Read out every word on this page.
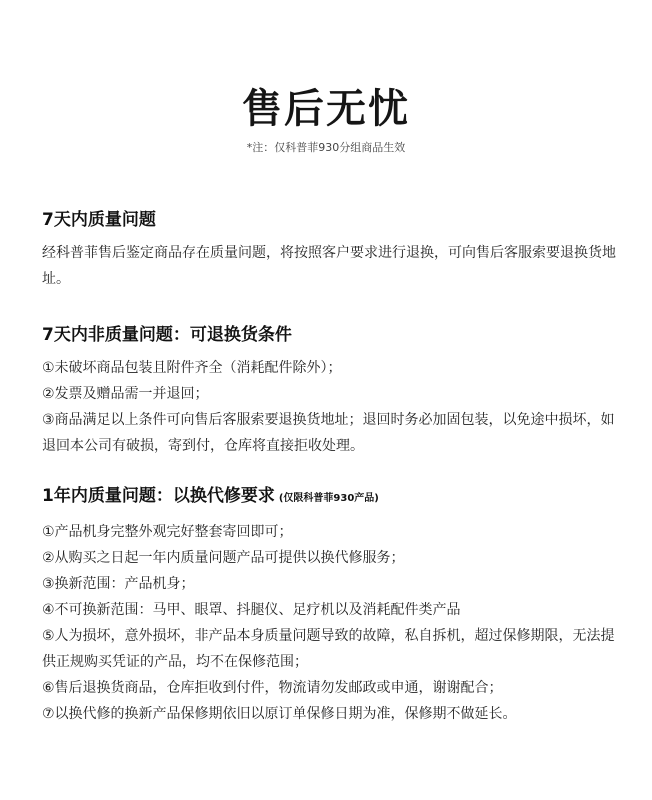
售后无忧
*注：仅科普菲930分组商品生效
7天内质量问题

经科普菲售后鉴定商品存在质量问题，将按照客户要求进行退换，可向售后客服索要退换货地址。

7天内非质量问题：可退换货条件

①未破坏商品包装且附件齐全（消耗配件除外）；

②发票及赠品需一并退回；

③商品满足以上条件可向售后客服索要退换货地址；退回时务必加固包装，以免途中损坏，如退回本公司有破损，寄到付，仓库将直接拒收处理。

1年内质量问题：以换代修要求 (仅限科普菲930产品)

①产品机身完整外观完好整套寄回即可；

②从购买之日起一年内质量问题产品可提供以换代修服务；

③换新范围：产品机身；

④不可换新范围：马甲、眼罩、抖腿仪、足疗机以及消耗配件类产品

⑤人为损坏，意外损坏，非产品本身质量问题导致的故障，私自拆机，超过保修期限，无法提供正规购买凭证的产品，均不在保修范围；

⑥售后退换货商品，仓库拒收到付件，物流请勿发邮政或申通，谢谢配合；

⑦以换代修的换新产品保修期依旧以原订单保修日期为准，保修期不做延长。
